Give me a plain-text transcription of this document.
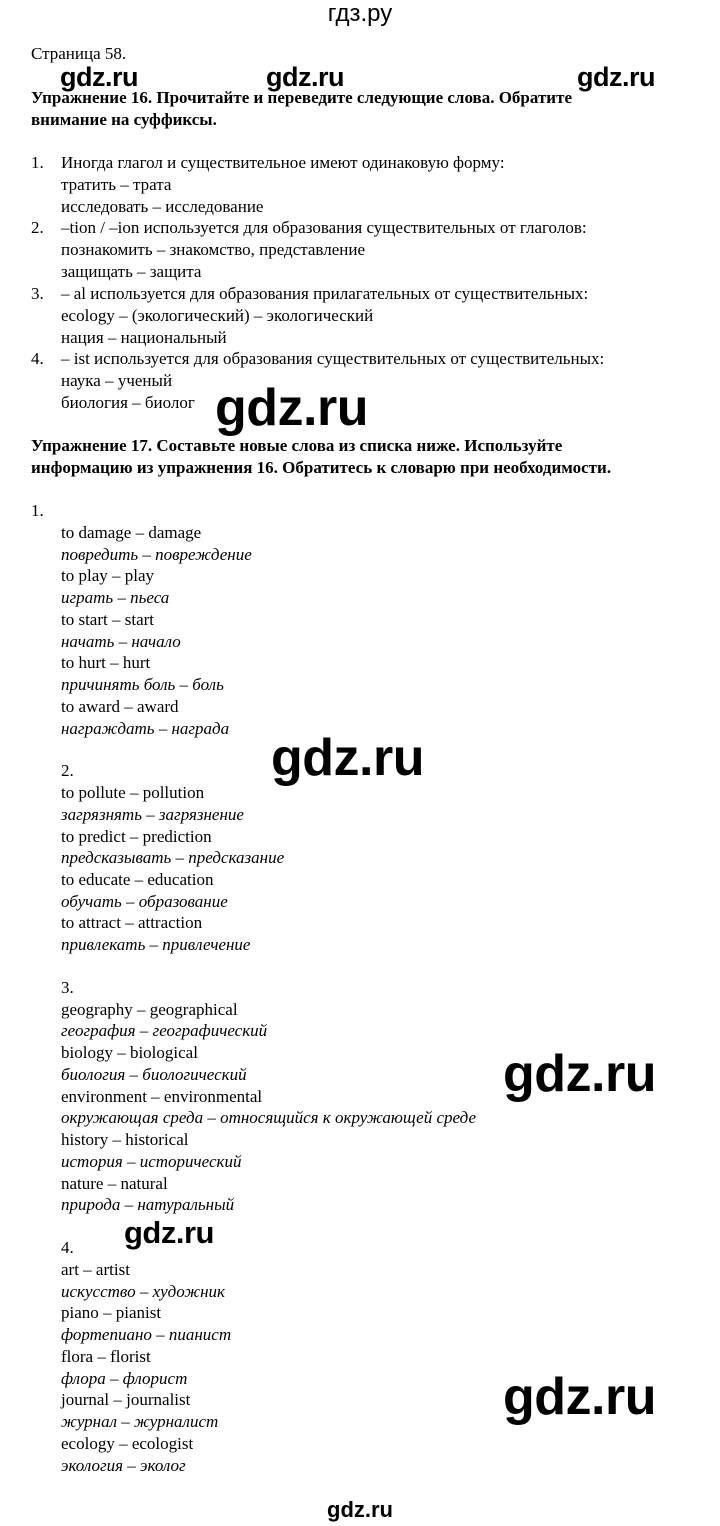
гдз.ру
Страница 58.
Упражнение 16. Прочитайте и переведите следующие слова. Обратите
внимание на суффиксы.
1. Иногда глагол и существительное имеют одинаковую форму:
тратить – трата
исследовать – исследование
2. –tion / –ion используется для образования существительных от глаголов:
познакомить – знакомство, представление
защищать – защита
3. – al используется для образования прилагательных от существительных:
ecology – (экологический) – экологический
нация – национальный
4. – ist используется для образования существительных от существительных:
наука – ученый
биология – биолог
Упражнение 17. Составьте новые слова из списка ниже. Используйте
информацию из упражнения 16. Обратитесь к словарю при необходимости.
1.
to damage – damage
повредить – повреждение
to play – play
играть – пьеса
to start – start
начать – начало
to hurt – hurt
причинять боль – боль
to award – award
награждать – награда
2.
to pollute – pollution
загрязнять – загрязнение
to predict – prediction
предсказывать – предсказание
to educate – education
обучать – образование
to attract – attraction
привлекать – привлечение
3.
geography – geographical
география – географический
biology – biological
биология – биологический
environment – environmental
окружающая среда – относящийся к окружающей среде
history – historical
история – исторический
nature – natural
природа – натуральный
4.
art – artist
искусство – художник
piano – pianist
фортепиано – пианист
flora – florist
флора – флорист
journal – journalist
журнал – журналист
ecology – ecologist
экология – эколог
gdz.ru	gdz.ru	gdz.ru
gdz.ru
gdz.ru
gdz.ru
gdz.ru
gdz.ru
gdz.ru
